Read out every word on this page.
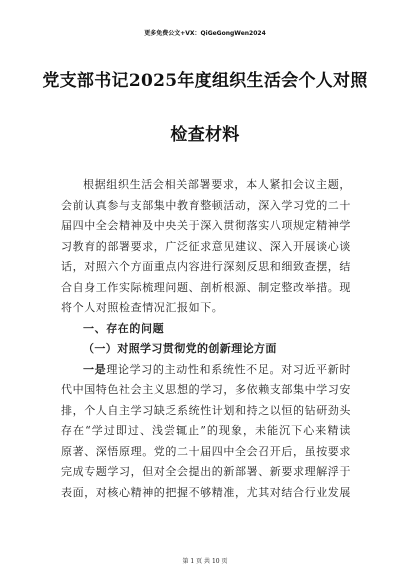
更多免费公文+VX：QiGeGongWen2024
党支部书记2025年度组织生活会个人对照
检查材料

根据组织生活会相关部署要求，本人紧扣会议主题，会前认真参与支部集中教育整顿活动，深入学习党的二十届四中全会精神及中央关于深入贯彻落实八项规定精神学习教育的部署要求，广泛征求意见建议、深入开展谈心谈话，对照六个方面重点内容进行深刻反思和细致查摆，结合自身工作实际梳理问题、剖析根源、制定整改举措。现将个人对照检查情况汇报如下。

一、存在的问题

（一）对照学习贯彻党的创新理论方面

一是理论学习的主动性和系统性不足。对习近平新时代中国特色社会主义思想的学习，多依赖支部集中学习安排，个人自主学习缺乏系统性计划和持之以恒的钻研劲头存在“学过即过、浅尝辄止”的现象，未能沉下心来精读原著、深悟原理。党的二十届四中全会召开后，虽按要求完成专题学习，但对全会提出的新部署、新要求理解浮于表面，对核心精神的把握不够精准，尤其对结合行业发展

第 1 页 共 10 页
